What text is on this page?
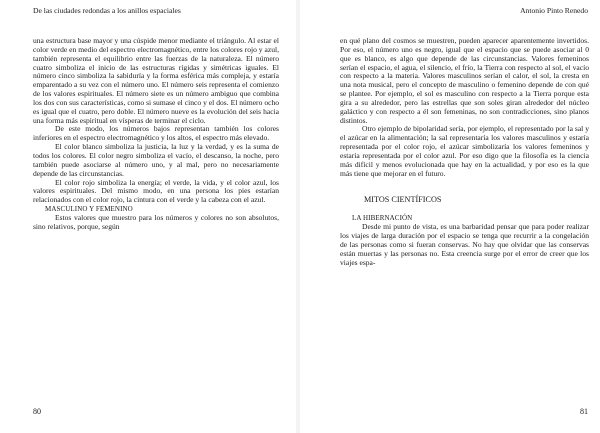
De las ciudades redondas a los anillos espaciales

una estructura base mayor y una cúspide menor mediante el triángulo. Al estar el color verde en medio del espectro electromagnético, entre los colores rojo y azul, también representa el equilibrio entre las fuerzas de la naturaleza. El número cuatro simboliza el inicio de las estructuras rígidas y simétricas iguales. El número cinco simboliza la sabiduría y la forma esférica más compleja, y estaría emparentado a su vez con el número uno. El número seis representa el comienzo de los valores espirituales. El número siete es un número ambiguo que combina los dos con sus características, como si sumase el cinco y el dos. El número ocho es igual que el cuatro, pero doble. El número nueve es la evolución del seis hacia una forma más espiritual en vísperas de terminar el ciclo.

De este modo, los números bajos representan también los colores inferiores en el espectro electromagnético y los altos, el espectro más elevado.

El color blanco simboliza la justicia, la luz y la verdad, y es la suma de todos los colores. El color negro simboliza el vacío, el descanso, la noche, pero también puede asociarse al número uno, y al mal, pero no necesariamente depende de las circunstancias.

El color rojo simboliza la energía; el verde, la vida, y el color azul, los valores espirituales. Del mismo modo, en una persona los pies estarían relacionados con el color rojo, la cintura con el verde y la cabeza con el azul.

MASCULINO Y FEMENINO

Estos valores que muestro para los números y colores no son absolutos, sino relativos, porque, según

80
Antonio Pinto Renedo

en qué plano del cosmos se muestren, pueden aparecer aparentemente invertidos. Por eso, el número uno es negro, igual que el espacio que se puede asociar al 0 que es blanco, es algo que depende de las circunstancias. Valores femeninos serían el espacio, el agua, el silencio, el frío, la Tierra con respecto al sol, el vacío con respecto a la materia. Valores masculinos serían el calor, el sol, la cresta en una nota musical, pero el concepto de masculino o femenino depende de con qué se plantee. Por ejemplo, el sol es masculino con respecto a la Tierra porque esta gira a su alrededor, pero las estrellas que son soles giran alrededor del núcleo galáctico y con respecto a él son femeninas, no son contradicciones, sino planos distintos.

Otro ejemplo de bipolaridad sería, por ejemplo, el representado por la sal y el azúcar en la alimentación; la sal representaría los valores masculinos y estaría representada por el color rojo, el azúcar simbolizaría los valores femeninos y estaría representada por el color azul. Por eso digo que la filosofía es la ciencia más difícil y menos evolucionada que hay en la actualidad, y por eso es la que más tiene que mejorar en el futuro.

MITOS CIENTÍFICOS

LA HIBERNACIÓN

Desde mi punto de vista, es una barbaridad pensar que para poder realizar los viajes de larga duración por el espacio se tenga que recurrir a la congelación de las personas como si fueran conservas. No hay que olvidar que las conservas están muertas y las personas no. Esta creencia surge por el error de creer que los viajes espa-

81
